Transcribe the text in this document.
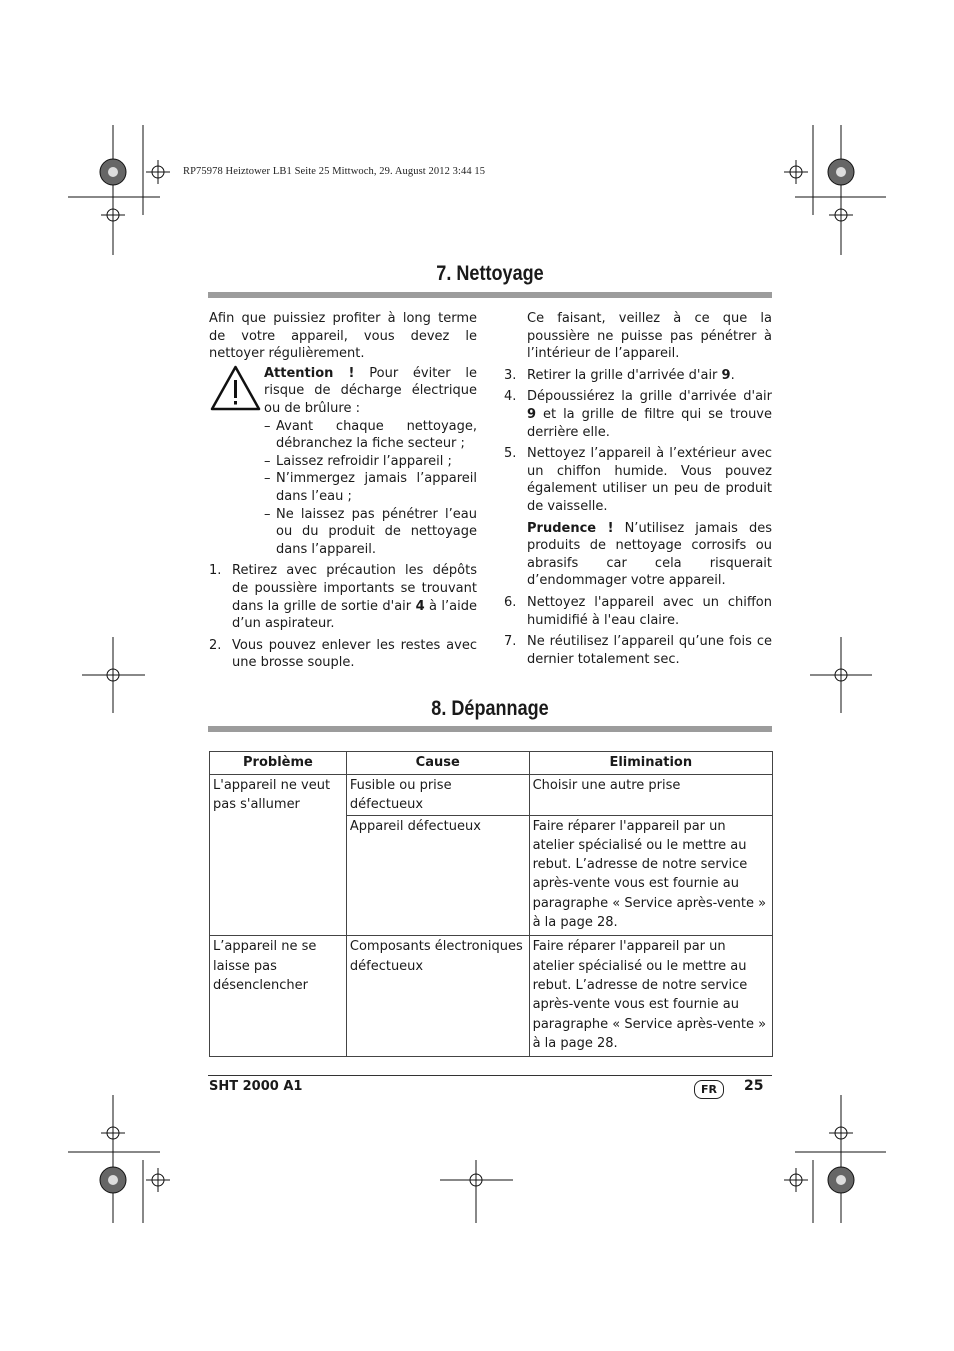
RP75978 Heiztower LB1 Seite 25 Mittwoch, 29. August 2012 3:44 15
7. Nettoyage

Afin que puissiez profiter à long terme de votre appareil, vous devez le nettoyer régulièrement.

Attention ! Pour éviter le risque de décharge électrique ou de brûlure :

– Avant chaque nettoyage, débranchez la fiche secteur ;

– Laissez refroidir l’appareil ;

– N’immergez jamais l’appareil dans l’eau ;

– Ne laissez pas pénétrer l’eau ou du produit de nettoyage dans l’appareil.

1. Retirez avec précaution les dépôts de poussière importants se trouvant dans la grille de sortie d'air 4 à l’aide d’un aspirateur.

2. Vous pouvez enlever les restes avec une brosse souple.

Ce faisant, veillez à ce que la poussière ne puisse pas pénétrer à l’intérieur de l’appareil.

3. Retirer la grille d'arrivée d'air 9.

4. Dépoussiérez la grille d'arrivée d'air 9 et la grille de filtre qui se trouve derrière elle.

5. Nettoyez l’appareil à l’extérieur avec un chiffon humide. Vous pouvez également utiliser un peu de produit de vaisselle.

Prudence ! N’utilisez jamais des produits de nettoyage corrosifs ou abrasifs car cela risquerait d’endommager votre appareil.

6. Nettoyez l'appareil avec un chiffon humidifié à l'eau claire.

7. Ne réutilisez l’appareil qu’une fois ce dernier totalement sec.

8. Dépannage
Problème	Cause	Elimination
L'appareil ne veut pas s'allumer	Fusible ou prise défectueux	Choisir une autre prise
	Appareil défectueux	Faire réparer l'appareil par un atelier spécialisé ou le mettre au rebut. L’adresse de notre service après-vente vous est fournie au paragraphe « Service après-vente » à la page 28.
L’appareil ne se laisse pas désenclencher	Composants électroniques défectueux	Faire réparer l'appareil par un atelier spécialisé ou le mettre au rebut. L’adresse de notre service après-vente vous est fournie au paragraphe « Service après-vente » à la page 28.
SHT 2000 A1	FR	25
